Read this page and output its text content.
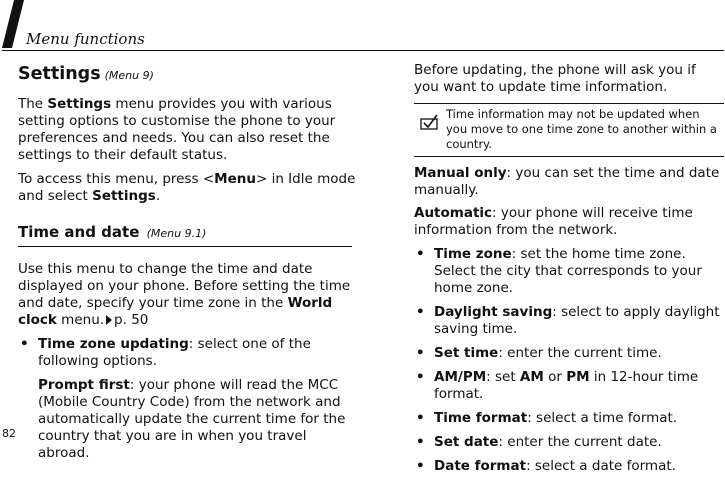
Menu functions
82
Settings (Menu 9)

The Settings menu provides you with various setting options to customise the phone to your preferences and needs. You can also reset the settings to their default status.

To access this menu, press <Menu> in Idle mode and select Settings.

Time and date (Menu 9.1)

Use this menu to change the time and date displayed on your phone. Before setting the time and date, specify your time zone in the World clock menu. p. 50

• Time zone updating: select one of the following options.
Prompt first: your phone will read the MCC (Mobile Country Code) from the network and automatically update the current time for the country that you are in when you travel abroad.

Before updating, the phone will ask you if you want to update time information.

Time information may not be updated when you move to one time zone to another within a country.
Manual only: you can set the time and date manually.
Automatic: your phone will receive time information from the network.
• Time zone: set the home time zone. Select the city that corresponds to your home zone.
• Daylight saving: select to apply daylight saving time.
• Set time: enter the current time.
• AM/PM: set AM or PM in 12-hour time format.
• Time format: select a time format.
• Set date: enter the current date.
• Date format: select a date format.
